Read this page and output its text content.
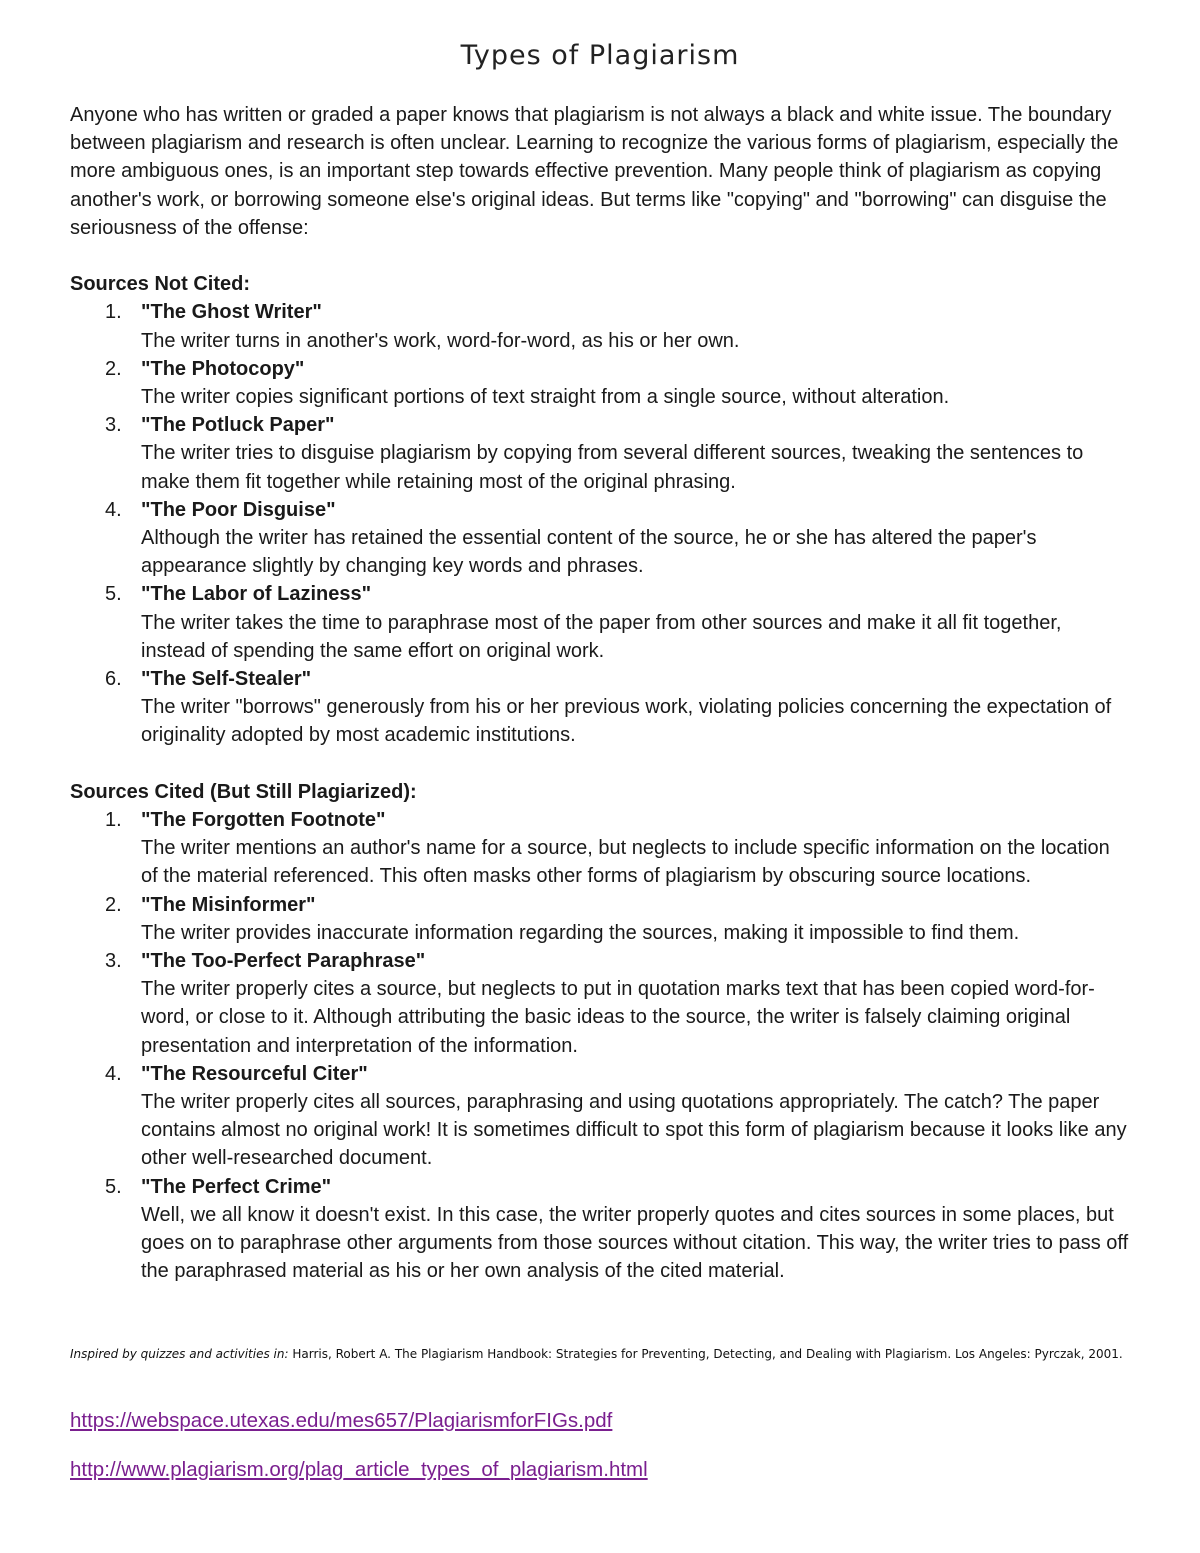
Types of Plagiarism

Anyone who has written or graded a paper knows that plagiarism is not always a black and white issue. The boundary between plagiarism and research is often unclear. Learning to recognize the various forms of plagiarism, especially the more ambiguous ones, is an important step towards effective prevention. Many people think of plagiarism as copying another's work, or borrowing someone else's original ideas. But terms like "copying" and "borrowing" can disguise the seriousness of the offense:

Sources Not Cited:
1. "The Ghost Writer"
The writer turns in another's work, word-for-word, as his or her own.
2. "The Photocopy"
The writer copies significant portions of text straight from a single source, without alteration.
3. "The Potluck Paper"
The writer tries to disguise plagiarism by copying from several different sources, tweaking the sentences to make them fit together while retaining most of the original phrasing.
4. "The Poor Disguise"
Although the writer has retained the essential content of the source, he or she has altered the paper's appearance slightly by changing key words and phrases.
5. "The Labor of Laziness"
The writer takes the time to paraphrase most of the paper from other sources and make it all fit together, instead of spending the same effort on original work.
6. "The Self-Stealer"
The writer "borrows" generously from his or her previous work, violating policies concerning the expectation of originality adopted by most academic institutions.
Sources Cited (But Still Plagiarized):
1. "The Forgotten Footnote"
The writer mentions an author's name for a source, but neglects to include specific information on the location of the material referenced. This often masks other forms of plagiarism by obscuring source locations.
2. "The Misinformer"
The writer provides inaccurate information regarding the sources, making it impossible to find them.
3. "The Too-Perfect Paraphrase"
The writer properly cites a source, but neglects to put in quotation marks text that has been copied word-for-word, or close to it. Although attributing the basic ideas to the source, the writer is falsely claiming original presentation and interpretation of the information.
4. "The Resourceful Citer"
The writer properly cites all sources, paraphrasing and using quotations appropriately. The catch? The paper contains almost no original work! It is sometimes difficult to spot this form of plagiarism because it looks like any other well-researched document.
5. "The Perfect Crime"
Well, we all know it doesn't exist. In this case, the writer properly quotes and cites sources in some places, but goes on to paraphrase other arguments from those sources without citation. This way, the writer tries to pass off the paraphrased material as his or her own analysis of the cited material.
Inspired by quizzes and activities in: Harris, Robert A. The Plagiarism Handbook: Strategies for Preventing, Detecting, and Dealing with Plagiarism. Los Angeles: Pyrczak, 2001.
https://webspace.utexas.edu/mes657/PlagiarismforFIGs.pdf
http://www.plagiarism.org/plag_article_types_of_plagiarism.html
